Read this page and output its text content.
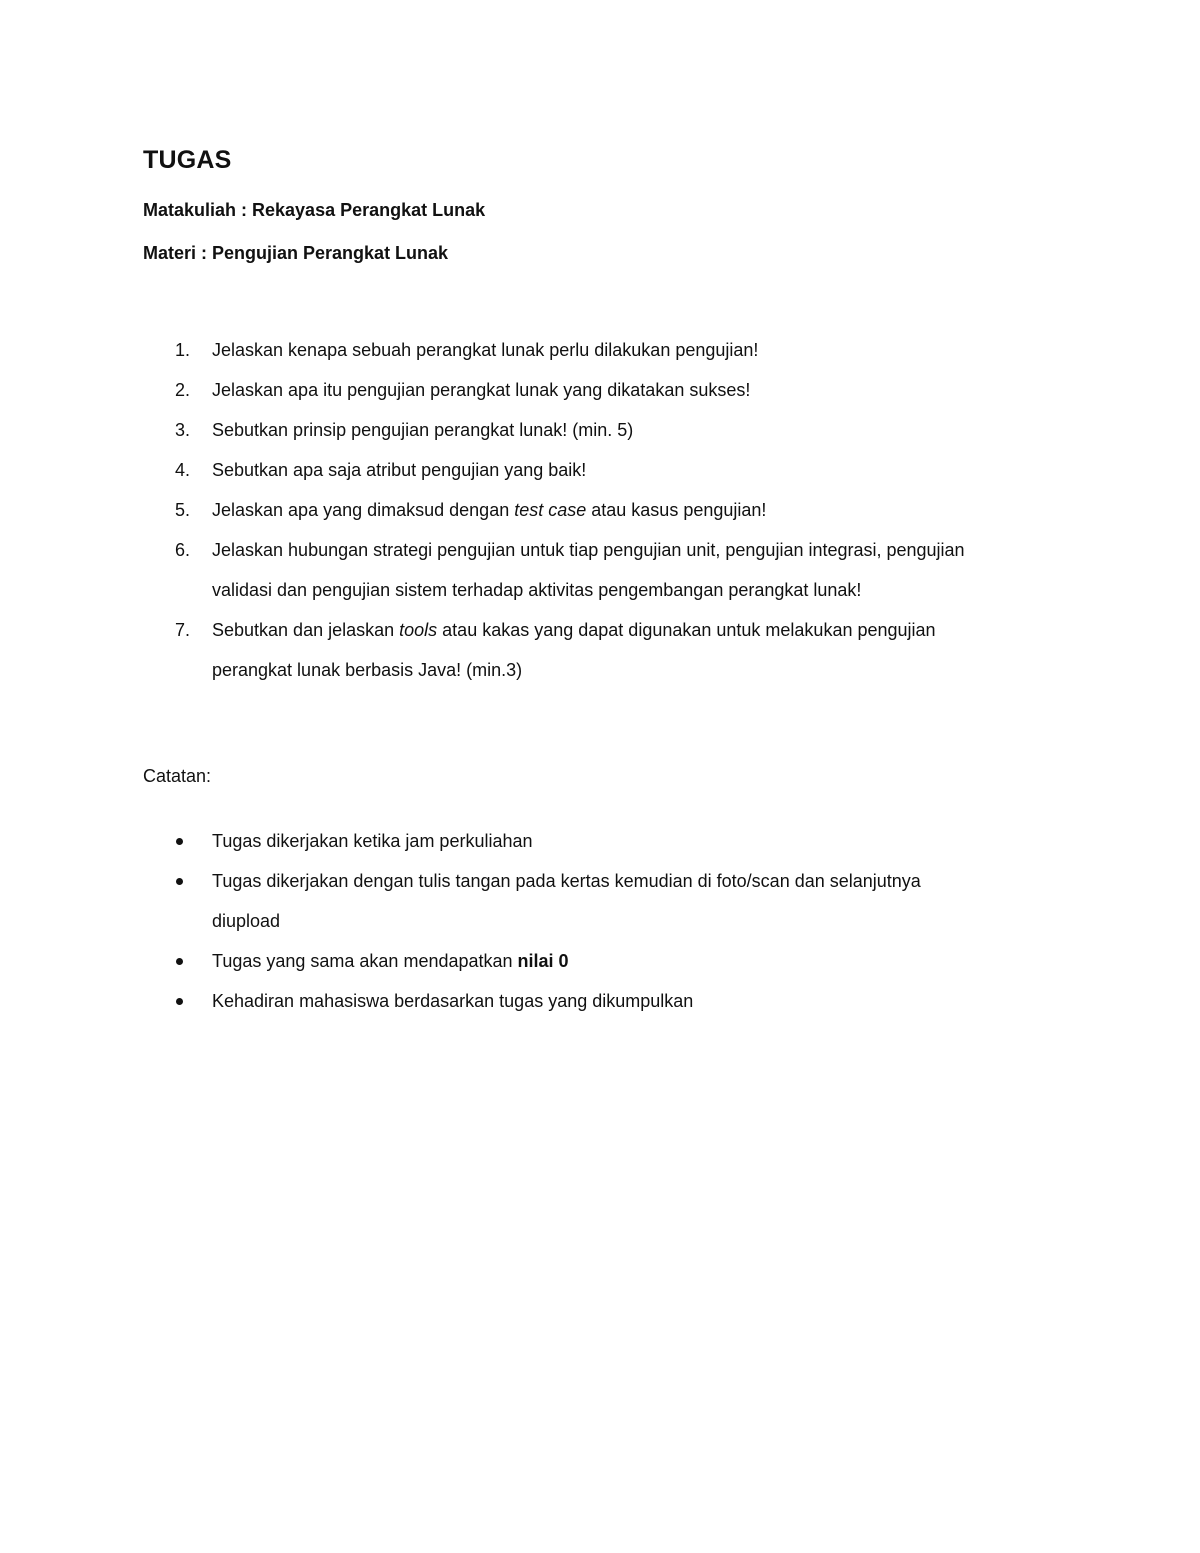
TUGAS

Matakuliah : Rekayasa Perangkat Lunak

Materi : Pengujian Perangkat Lunak

1.	Jelaskan kenapa sebuah perangkat lunak perlu dilakukan pengujian!
2.	Jelaskan apa itu pengujian perangkat lunak yang dikatakan sukses!
3.	Sebutkan prinsip pengujian perangkat lunak! (min. 5)
4.	Sebutkan apa saja atribut pengujian yang baik!
5.	Jelaskan apa yang dimaksud dengan test case atau kasus pengujian!
6.	Jelaskan hubungan strategi pengujian untuk tiap pengujian unit, pengujian integrasi, pengujian
validasi dan pengujian sistem terhadap aktivitas pengembangan perangkat lunak!
7.	Sebutkan dan jelaskan tools atau kakas yang dapat digunakan untuk melakukan pengujian
perangkat lunak berbasis Java! (min.3)

Catatan:

Tugas dikerjakan ketika jam perkuliahan
Tugas dikerjakan dengan tulis tangan pada kertas kemudian di foto/scan dan selanjutnya
diupload
Tugas yang sama akan mendapatkan nilai 0
Kehadiran mahasiswa berdasarkan tugas yang dikumpulkan
